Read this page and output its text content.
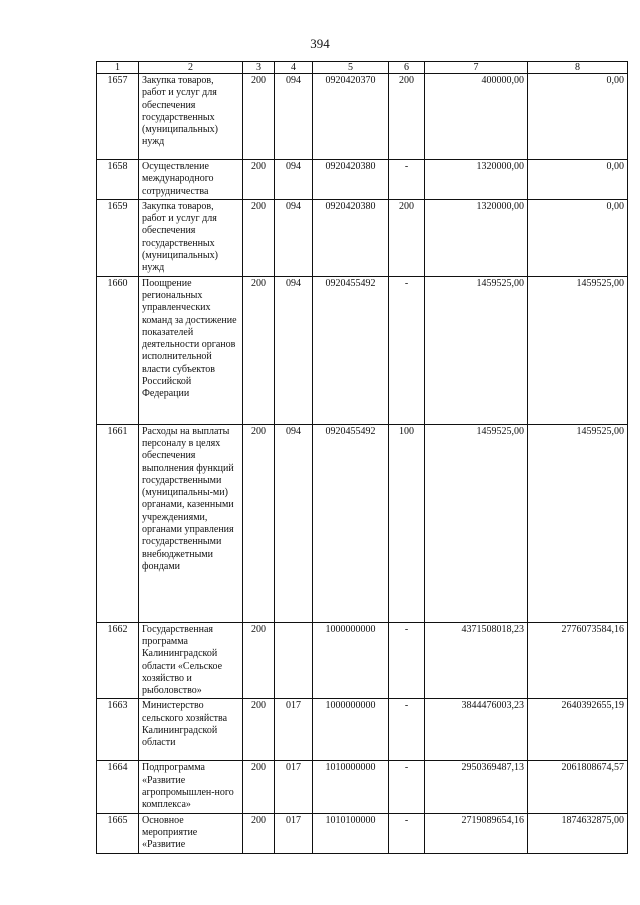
394
1	2	3	4	5	6	7	8
1657	Закупка товаров, работ и услуг для обеспечения государственных (муниципальных) нужд	200	094	0920420370	200	400000,00	0,00
1658	Осуществление международного сотрудничества	200	094	0920420380	-	1320000,00	0,00
1659	Закупка товаров, работ и услуг для обеспечения государственных (муниципальных) нужд	200	094	0920420380	200	1320000,00	0,00
1660	Поощрение региональных управленческих команд за достижение показателей деятельности органов исполнительной власти субъектов Российской Федерации	200	094	0920455492	-	1459525,00	1459525,00
1661	Расходы на выплаты персоналу в целях обеспечения выполнения функций государственными (муниципальны-ми) органами, казенными учреждениями, органами управления государственными внебюджетными фондами	200	094	0920455492	100	1459525,00	1459525,00
1662	Государственная программа Калининградской области «Сельское хозяйство и рыболовство»	200		1000000000	-	4371508018,23	2776073584,16
1663	Министерство сельского хозяйства Калининградской области	200	017	1000000000	-	3844476003,23	2640392655,19
1664	Подпрограмма «Развитие агропромышлен-ного комплекса»	200	017	1010000000	-	2950369487,13	2061808674,57
1665	Основное мероприятие «Развитие	200	017	1010100000	-	2719089654,16	1874632875,00
